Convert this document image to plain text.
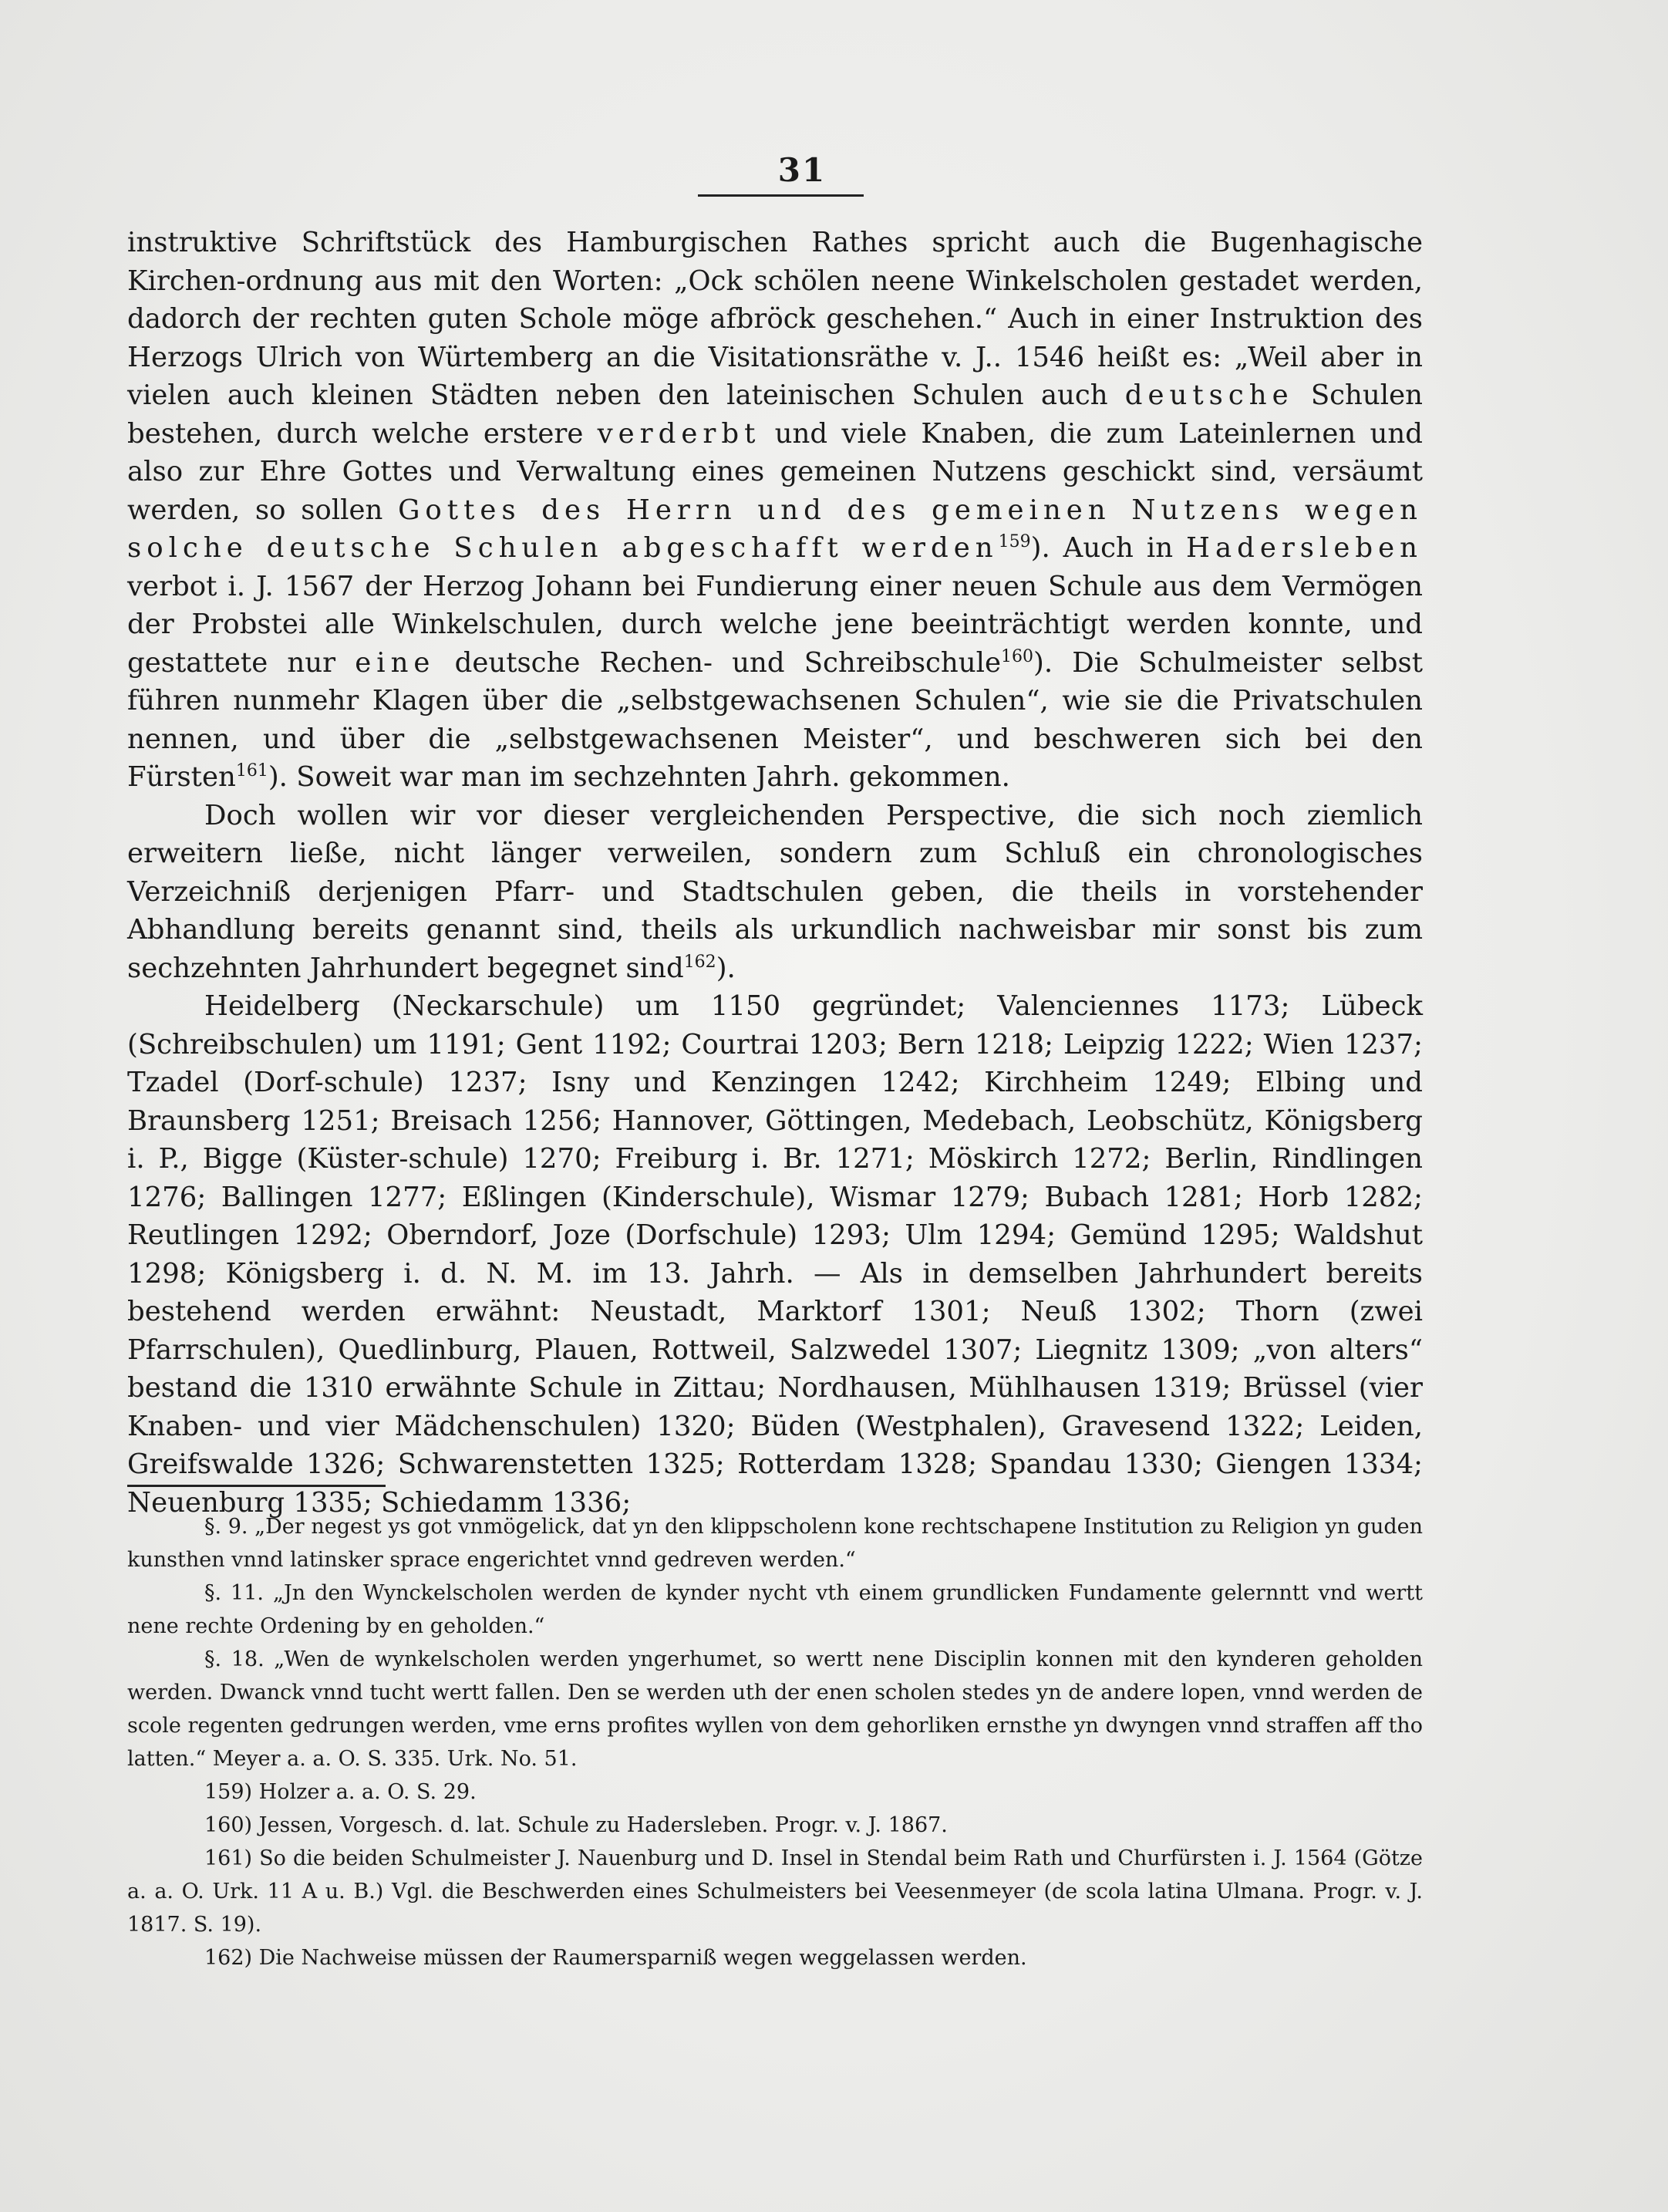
31

instruktive Schriftstück des Hamburgischen Rathes spricht auch die Bugenhagische Kirchen-ordnung aus mit den Worten: „Ock schölen neene Winkelscholen gestadet werden, dadorch der rechten guten Schole möge afbröck geschehen.“ Auch in einer Instruktion des Herzogs Ulrich von Würtemberg an die Visitationsräthe v. J.. 1546 heißt es: „Weil aber in vielen auch kleinen Städten neben den lateinischen Schulen auch deutsche Schulen bestehen, durch welche erstere verderbt und viele Knaben, die zum Lateinlernen und also zur Ehre Gottes und Verwaltung eines gemeinen Nutzens geschickt sind, versäumt werden, so sollen Gottes des Herrn und des gemeinen Nutzens wegen solche deutsche Schulen abgeschafft werden$^{159}$). Auch in Hadersleben verbot i. J. 1567 der Herzog Johann bei Fundierung einer neuen Schule aus dem Vermögen der Probstei alle Winkelschulen, durch welche jene beeinträchtigt werden konnte, und gestattete nur eine deutsche Rechen- und Schreibschule$^{160}$). Die Schulmeister selbst führen nunmehr Klagen über die „selbstgewachsenen Schulen“, wie sie die Privatschulen nennen, und über die „selbstgewachsenen Meister“, und beschweren sich bei den Fürsten$^{161}$). Soweit war man im sechzehnten Jahrh. gekommen.

Doch wollen wir vor dieser vergleichenden Perspective, die sich noch ziemlich erweitern ließe, nicht länger verweilen, sondern zum Schluß ein chronologisches Verzeichniß derjenigen Pfarr- und Stadtschulen geben, die theils in vorstehender Abhandlung bereits genannt sind, theils als urkundlich nachweisbar mir sonst bis zum sechzehnten Jahrhundert begegnet sind$^{162}$).

Heidelberg (Neckarschule) um 1150 gegründet; Valenciennes 1173; Lübeck (Schreibschulen) um 1191; Gent 1192; Courtrai 1203; Bern 1218; Leipzig 1222; Wien 1237; Tzadel (Dorf-schule) 1237; Isny und Kenzingen 1242; Kirchheim 1249; Elbing und Braunsberg 1251; Breisach 1256; Hannover, Göttingen, Medebach, Leobschütz, Königsberg i. P., Bigge (Küster-schule) 1270; Freiburg i. Br. 1271; Möskirch 1272; Berlin, Rindlingen 1276; Ballingen 1277; Eßlingen (Kinderschule), Wismar 1279; Bubach 1281; Horb 1282; Reutlingen 1292; Oberndorf, Joze (Dorfschule) 1293; Ulm 1294; Gemünd 1295; Waldshut 1298; Königsberg i. d. N. M. im 13. Jahrh. — Als in demselben Jahrhundert bereits bestehend werden erwähnt: Neustadt, Marktorf 1301; Neuß 1302; Thorn (zwei Pfarrschulen), Quedlinburg, Plauen, Rottweil, Salzwedel 1307; Liegnitz 1309; „von alters“ bestand die 1310 erwähnte Schule in Zittau; Nordhausen, Mühlhausen 1319; Brüssel (vier Knaben- und vier Mädchenschulen) 1320; Büden (Westphalen), Gravesend 1322; Leiden, Greifswalde 1326; Schwarenstetten 1325; Rotterdam 1328; Spandau 1330; Giengen 1334; Neuenburg 1335; Schiedamm 1336;

§. 9. „Der negest ys got vnmögelick, dat yn den klippscholenn kone rechtschapene Institution zu Religion yn guden kunsthen vnnd latinsker sprace engerichtet vnnd gedreven werden.“

§. 11. „Jn den Wynckelscholen werden de kynder nycht vth einem grundlicken Fundamente gelernntt vnd wertt nene rechte Ordening by en geholden.“

§. 18. „Wen de wynkelscholen werden yngerhumet, so wertt nene Disciplin konnen mit den kynderen geholden werden. Dwanck vnnd tucht wertt fallen. Den se werden uth der enen scholen stedes yn de andere lopen, vnnd werden de scole regenten gedrungen werden, vme erns profites wyllen von dem gehorliken ernsthe yn dwyngen vnnd straffen aff tho latten.“ Meyer a. a. O. S. 335. Urk. No. 51.

159) Holzer a. a. O. S. 29.

160) Jessen, Vorgesch. d. lat. Schule zu Hadersleben. Progr. v. J. 1867.

161) So die beiden Schulmeister J. Nauenburg und D. Insel in Stendal beim Rath und Churfürsten i. J. 1564 (Götze a. a. O. Urk. 11 A u. B.) Vgl. die Beschwerden eines Schulmeisters bei Veesenmeyer (de scola latina Ulmana. Progr. v. J. 1817. S. 19).

162) Die Nachweise müssen der Raumersparniß wegen weggelassen werden.
